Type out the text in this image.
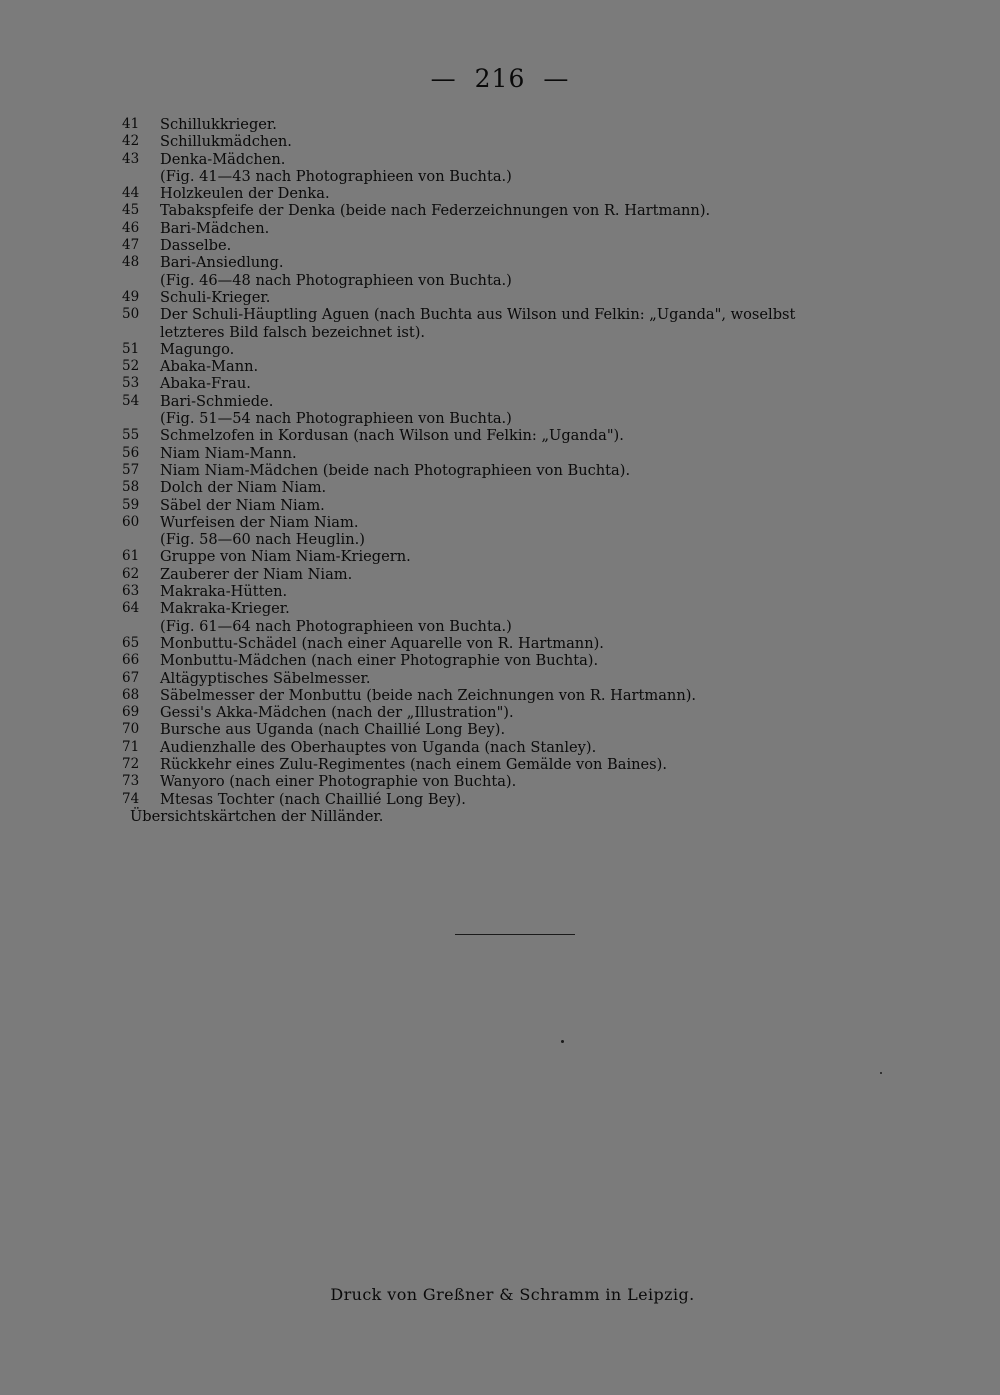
— 216 —
41	Schillukkrieger.
42	Schillukmädchen.
43	Denka-Mädchen.
(Fig. 41—43 nach Photographieen von Buchta.)
44	Holzkeulen der Denka.
45	Tabakspfeife der Denka (beide nach Federzeichnungen von R. Hartmann).
46	Bari-Mädchen.
47	Dasselbe.
48	Bari-Ansiedlung.
(Fig. 46—48 nach Photographieen von Buchta.)
49	Schuli-Krieger.
50	Der Schuli-Häuptling Aguen (nach Buchta aus Wilson und Felkin: „Uganda", woselbst
letzteres Bild falsch bezeichnet ist).
51	Magungo.
52	Abaka-Mann.
53	Abaka-Frau.
54	Bari-Schmiede.
(Fig. 51—54 nach Photographieen von Buchta.)
55	Schmelzofen in Kordusan (nach Wilson und Felkin: „Uganda").
56	Niam Niam-Mann.
57	Niam Niam-Mädchen (beide nach Photographieen von Buchta).
58	Dolch der Niam Niam.
59	Säbel der Niam Niam.
60	Wurfeisen der Niam Niam.
(Fig. 58—60 nach Heuglin.)
61	Gruppe von Niam Niam-Kriegern.
62	Zauberer der Niam Niam.
63	Makraka-Hütten.
64	Makraka-Krieger.
(Fig. 61—64 nach Photographieen von Buchta.)
65	Monbuttu-Schädel (nach einer Aquarelle von R. Hartmann).
66	Monbuttu-Mädchen (nach einer Photographie von Buchta).
67	Altägyptisches Säbelmesser.
68	Säbelmesser der Monbuttu (beide nach Zeichnungen von R. Hartmann).
69	Gessi's Akka-Mädchen (nach der „Illustration").
70	Bursche aus Uganda (nach Chaillié Long Bey).
71	Audienzhalle des Oberhauptes von Uganda (nach Stanley).
72	Rückkehr eines Zulu-Regimentes (nach einem Gemälde von Baines).
73	Wanyoro (nach einer Photographie von Buchta).
74	Mtesas Tochter (nach Chaillié Long Bey).
Übersichtskärtchen der Nilländer.
Druck von Greßner & Schramm in Leipzig.
